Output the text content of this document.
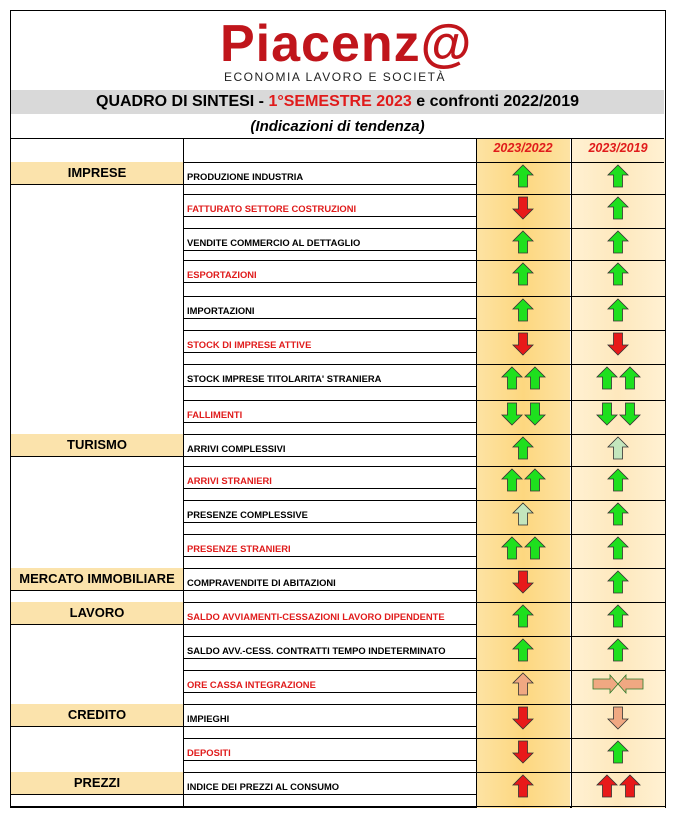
Piacenz@
ECONOMIA LAVORO E SOCIETÀ
QUADRO DI SINTESI - 1°SEMESTRE 2023 e confronti 2022/2019
(Indicazioni di tendenza)
2023/2022	2023/2019
IMPRESE	PRODUZIONE INDUSTRIA
FATTURATO SETTORE COSTRUZIONI
VENDITE COMMERCIO AL DETTAGLIO
ESPORTAZIONI
IMPORTAZIONI
STOCK DI IMPRESE ATTIVE
STOCK IMPRESE TITOLARITA' STRANIERA
FALLIMENTI
TURISMO	ARRIVI COMPLESSIVI
ARRIVI STRANIERI
PRESENZE COMPLESSIVE
PRESENZE STRANIERI
MERCATO IMMOBILIARE	COMPRAVENDITE DI ABITAZIONI
LAVORO	SALDO AVVIAMENTI-CESSAZIONI LAVORO DIPENDENTE
SALDO AVV.-CESS. CONTRATTI TEMPO INDETERMINATO
ORE CASSA INTEGRAZIONE
CREDITO	IMPIEGHI
DEPOSITI
PREZZI	INDICE DEI PREZZI AL CONSUMO
